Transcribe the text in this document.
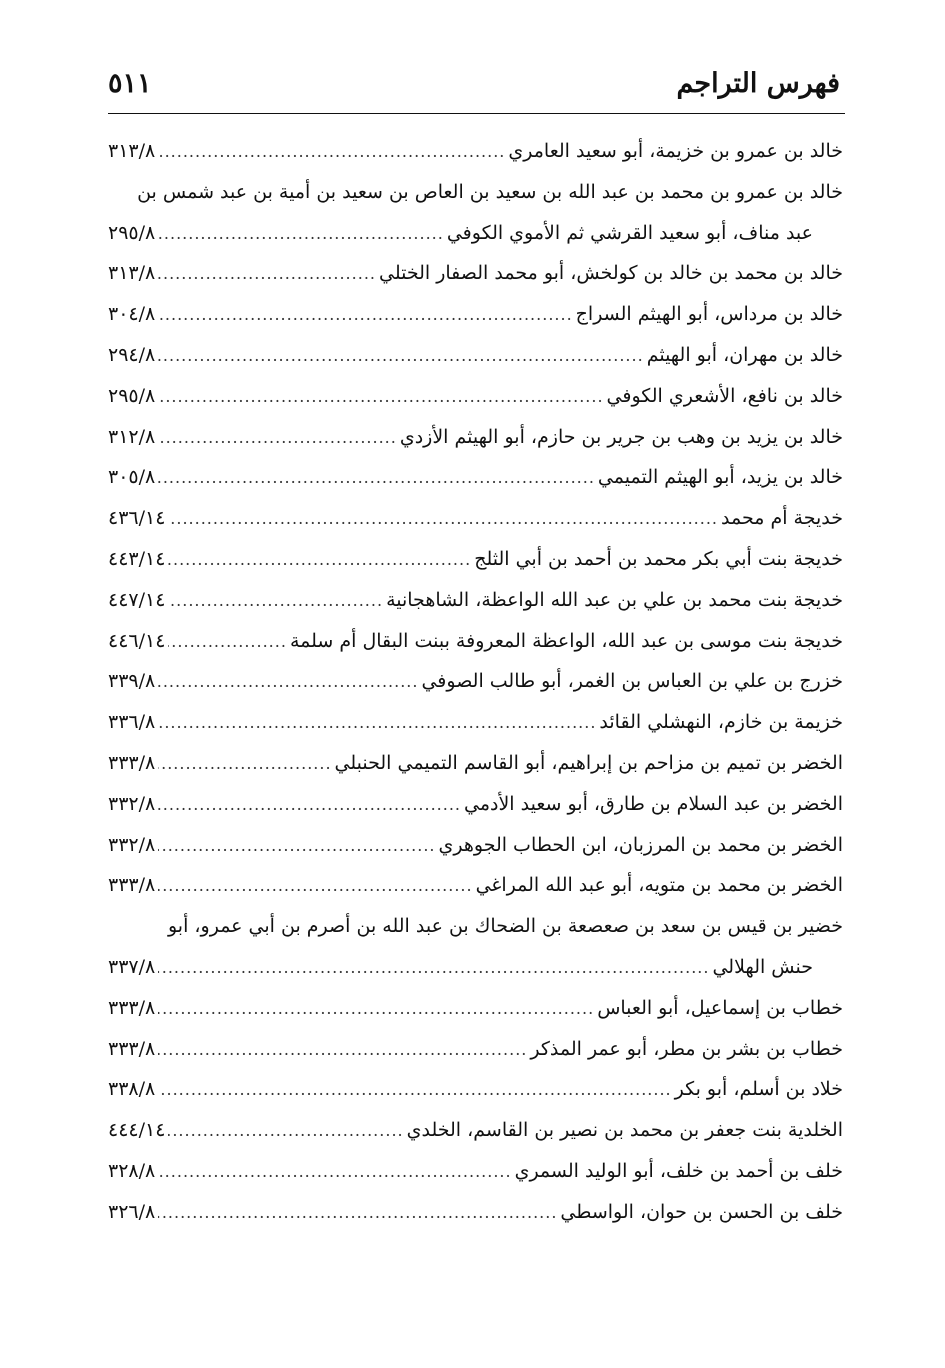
فهرس التراجم
٥١١
خالد بن عمرو بن خزيمة، أبو سعيد العامري
.....
٣١٣/٨
خالد بن عمرو بن محمد بن عبد الله بن سعيد بن العاص بن سعيد بن أمية بن عبد شمس بن
عبد مناف، أبو سعيد القرشي ثم الأموي الكوفي
.....
٢٩٥/٨
خالد بن محمد بن خالد بن كولخش، أبو محمد الصفار الختلي
.....
٣١٣/٨
خالد بن مرداس، أبو الهيثم السراج
.....
٣٠٤/٨
خالد بن مهران، أبو الهيثم
.....
٢٩٤/٨
خالد بن نافع، الأشعري الكوفي
.....
٢٩٥/٨
خالد بن يزيد بن وهب بن جرير بن حازم، أبو الهيثم الأزدي
.....
٣١٢/٨
خالد بن يزيد، أبو الهيثم التميمي
.....
٣٠٥/٨
خديجة أم محمد
.....
٤٣٦/١٤
خديجة بنت أبي بكر محمد بن أحمد بن أبي الثلج
.....
٤٤٣/١٤
خديجة بنت محمد بن علي بن عبد الله الواعظة، الشاهجانية
.....
٤٤٧/١٤
خديجة بنت موسى بن عبد الله، الواعظة المعروفة ببنت البقال أم سلمة
.....
٤٤٦/١٤
خزرج بن علي بن العباس بن الغمر، أبو طالب الصوفي
.....
٣٣٩/٨
خزيمة بن خازم، النهشلي القائد
.....
٣٣٦/٨
الخضر بن تميم بن مزاحم بن إبراهيم، أبو القاسم التميمي الحنبلي
.....
٣٣٣/٨
الخضر بن عبد السلام بن طارق، أبو سعيد الأدمي
.....
٣٣٢/٨
الخضر بن محمد بن المرزبان، ابن الحطاب الجوهري
.....
٣٣٢/٨
الخضر بن محمد بن متويه، أبو عبد الله المراغي
.....
٣٣٣/٨
خضير بن قيس بن سعد بن صعصعة بن الضحاك بن عبد الله بن أصرم بن أبي عمرو، أبو
حنش الهلالي
.....
٣٣٧/٨
خطاب بن إسماعيل، أبو العباس
.....
٣٣٣/٨
خطاب بن بشر بن مطر، أبو عمر المذكر
.....
٣٣٣/٨
خلاد بن أسلم، أبو بكر
.....
٣٣٨/٨
الخلدية بنت جعفر بن محمد بن نصير بن القاسم، الخلدي
.....
٤٤٤/١٤
خلف بن أحمد بن خلف، أبو الوليد السمري
.....
٣٢٨/٨
خلف بن الحسن بن حوان، الواسطي
.....
٣٢٦/٨
